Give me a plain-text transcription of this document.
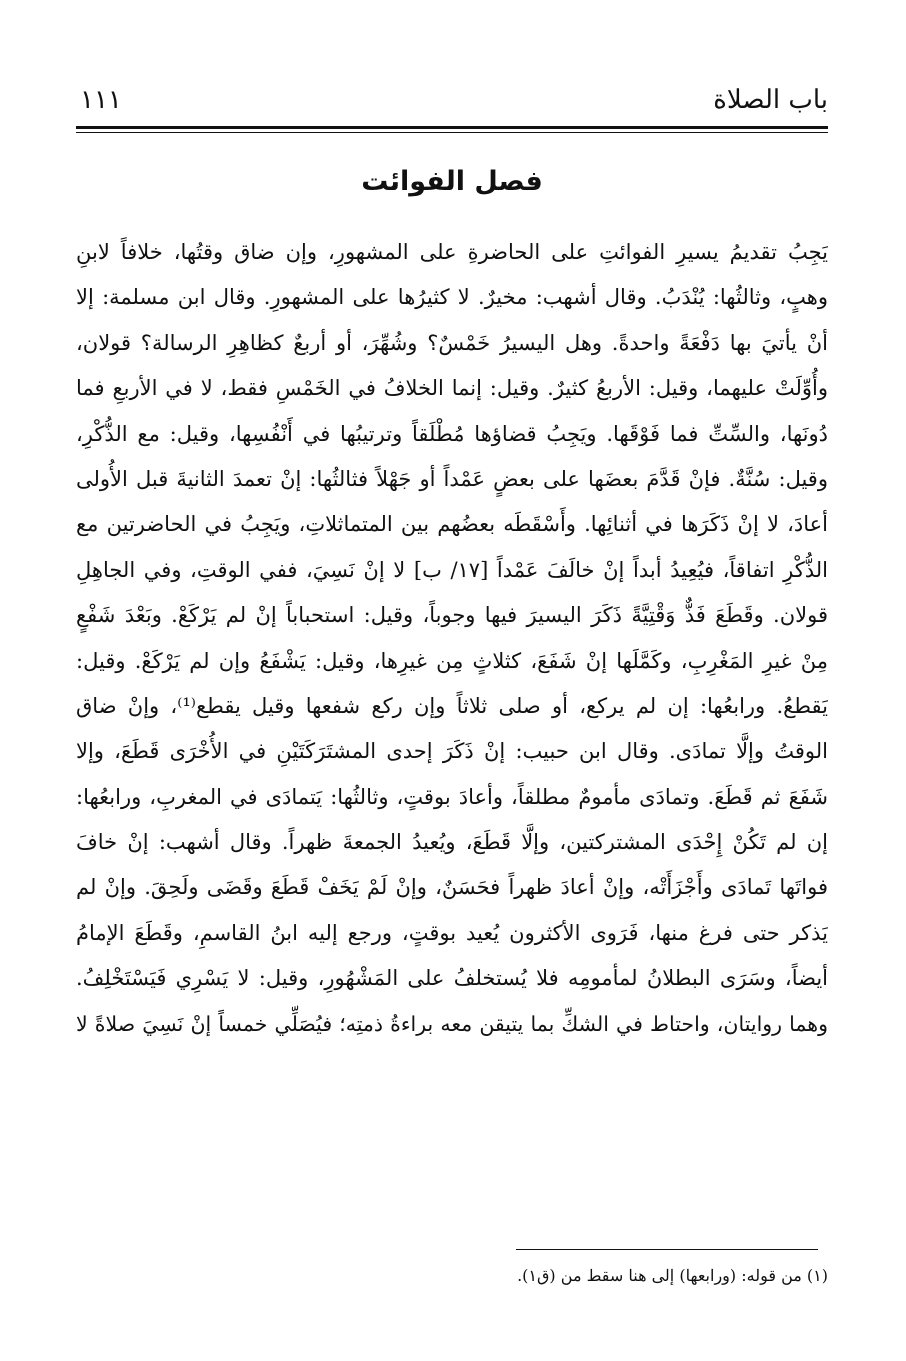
باب الصلاة
١١١
فصل الفوائت
يَجِبُ تقديمُ يسيرِ الفوائتِ على الحاضرةِ على المشهورِ، وإن ضاق وقتُها، خلافاً لابنِ
وهبٍ، وثالثُها: يُنْدَبُ. وقال أشهب: مخيرٌ. لا كثيرُها على المشهورِ. وقال ابن مسلمة: إلا
أنْ يأتيَ بها دَفْعَةً واحدةً. وهل اليسيرُ خَمْسٌ؟ وشُهِّرَ، أو أربعٌ كظاهِرِ الرسالة؟ قولان،
وأُوِّلَتْ عليهما، وقيل: الأربعُ كثيرٌ. وقيل: إنما الخلافُ في الخَمْسِ فقط، لا في الأربعِ فما
دُونَها، والسِّتِّ فما فَوْقَها. ويَجِبُ قضاؤها مُطْلَقاً وترتيبُها في أَنْفُسِها، وقيل: مع الذُّكْرِ،
وقيل: سُنَّةٌ. فإنْ قَدَّمَ بعضَها على بعضٍ عَمْداً أو جَهْلاً فثالثُها: إنْ تعمدَ الثانيةَ قبل الأُولى
أعادَ، لا إنْ ذَكَرَها في أثنائِها. وأَسْقَطَه بعضُهم بين المتماثلاتِ، ويَجِبُ في الحاضرتين مع
الذُّكْرِ اتفاقاً، فيُعِيدُ أبداً إنْ خالَفَ عَمْداً [١٧/ ب] لا إنْ نَسِيَ، ففي الوقتِ، وفي الجاهِلِ
قولان. وقَطَعَ فَذٌّ وَقْتِيَّةً ذَكَرَ اليسيرَ فيها وجوباً، وقيل: استحباباً إنْ لم يَرْكَعْ. وبَعْدَ شَفْعٍ
مِنْ غيرِ المَغْرِبِ، وكَمَّلَها إنْ شَفَعَ، كثلاثٍ مِن غيرِها، وقيل: يَشْفَعُ وإن لم يَرْكَعْ. وقيل:
يَقطعُ. ورابعُها: إن لم يركع، أو صلى ثلاثاً وإن ركع شفعها وقيل يقطع⁽¹⁾، وإنْ ضاق
الوقتُ وإلَّا تمادَى. وقال ابن حبيب: إنْ ذَكَرَ إحدى المشتَرَكَتَيْنِ في الأُخْرَى قَطَعَ، وإلا
شَفَعَ ثم قَطَعَ. وتمادَى مأمومٌ مطلقاً، وأعادَ بوقتٍ، وثالثُها: يَتمادَى في المغربِ، ورابعُها:
إن لم تَكُنْ إِحْدَى المشتركتين، وإلَّا قَطَعَ، ويُعيدُ الجمعةَ ظهراً. وقال أشهب: إنْ خافَ
فواتَها تَمادَى وأَجْزَأَتْه، وإنْ أعادَ ظهراً فحَسَنٌ، وإنْ لَمْ يَخَفْ قَطَعَ وقَضَى ولَحِقَ. وإنْ لم
يَذكر حتى فرغ منها، فَرَوى الأكثرون يُعيد بوقتٍ، ورجع إليه ابنُ القاسمِ، وقَطَعَ الإمامُ
أيضاً، وسَرَى البطلانُ لمأمومِه فلا يُستخلفُ على المَشْهُورِ، وقيل: لا يَسْرِي فَيَسْتَخْلِفُ.
وهما روايتان، واحتاط في الشكِّ بما يتيقن معه براءةُ ذمتِه؛ فيُصَلِّي خمساً إنْ نَسِيَ صلاةً لا
(١) من قوله: (ورابعها) إلى هنا سقط من (ق١).
